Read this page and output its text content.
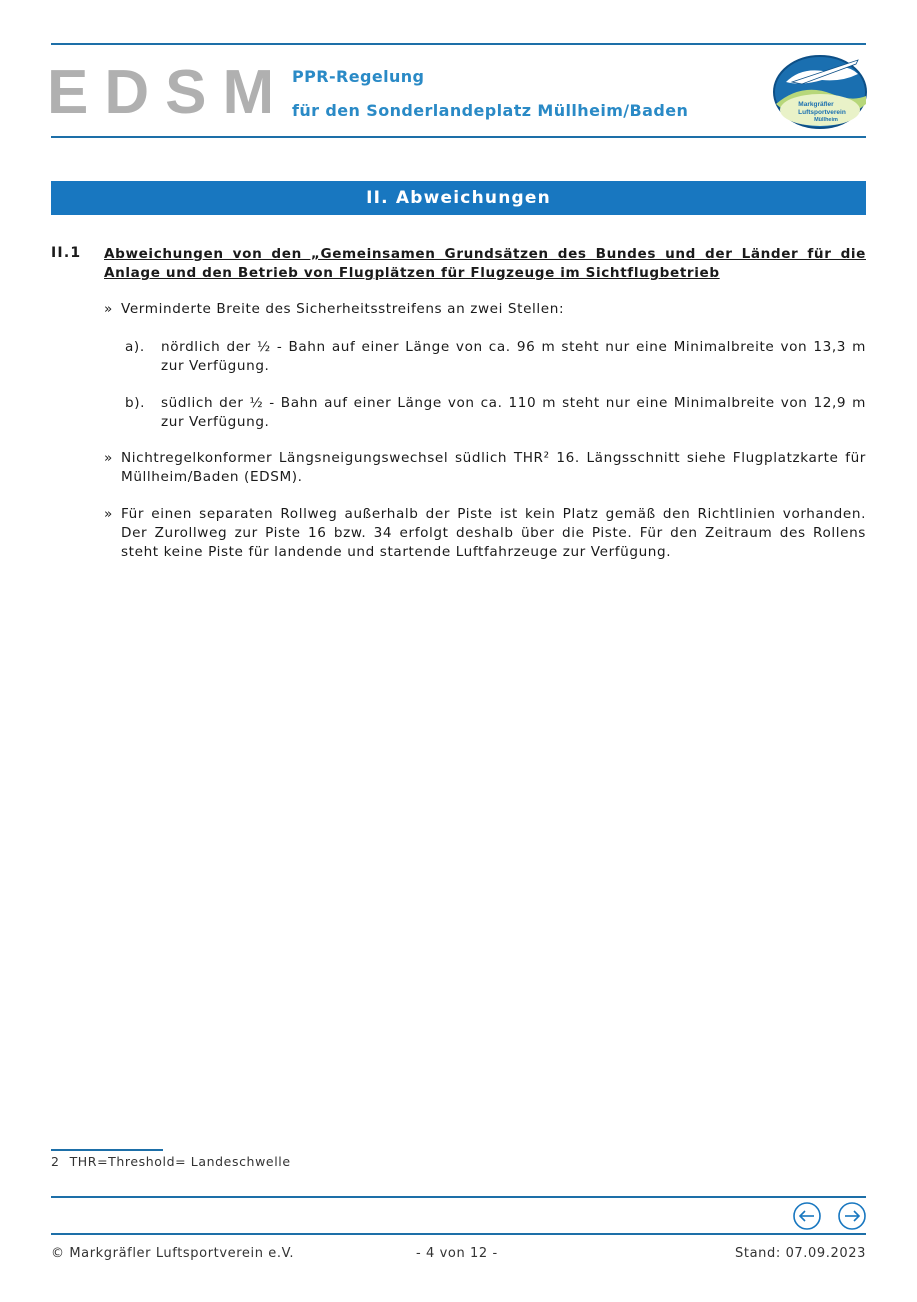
EDSM PPR-Regelung
für den Sonderlandeplatz Müllheim/Baden	Markgräfler
Luftsportverein
Müllheim
II. Abweichungen
II.1 Abweichungen von den „Gemeinsamen Grundsätzen des Bundes und der Länder für die Anlage und den Betrieb von Flugplätzen für Flugzeuge im Sichtflugbetrieb
» Verminderte Breite des Sicherheitsstreifens an zwei Stellen:
a). nördlich der ½ - Bahn auf einer Länge von ca. 96 m steht nur eine Minimalbreite von 13,3 m zur Verfügung.
b). südlich der ½ - Bahn auf einer Länge von ca. 110 m steht nur eine Minimalbreite von 12,9 m zur Verfügung.
» Nichtregelkonformer Längsneigungswechsel südlich THR² 16. Längsschnitt siehe Flugplatzkarte für Müllheim/Baden (EDSM).
» Für einen separaten Rollweg außerhalb der Piste ist kein Platz gemäß den Richtlinien vorhanden. Der Zurollweg zur Piste 16 bzw. 34 erfolgt deshalb über die Piste. Für den Zeitraum des Rollens steht keine Piste für landende und startende Luftfahrzeuge zur Verfügung.
2 THR=Threshold= Landeschwelle
© Markgräfler Luftsportverein e.V.	- 4 von 12 -	Stand: 07.09.2023
